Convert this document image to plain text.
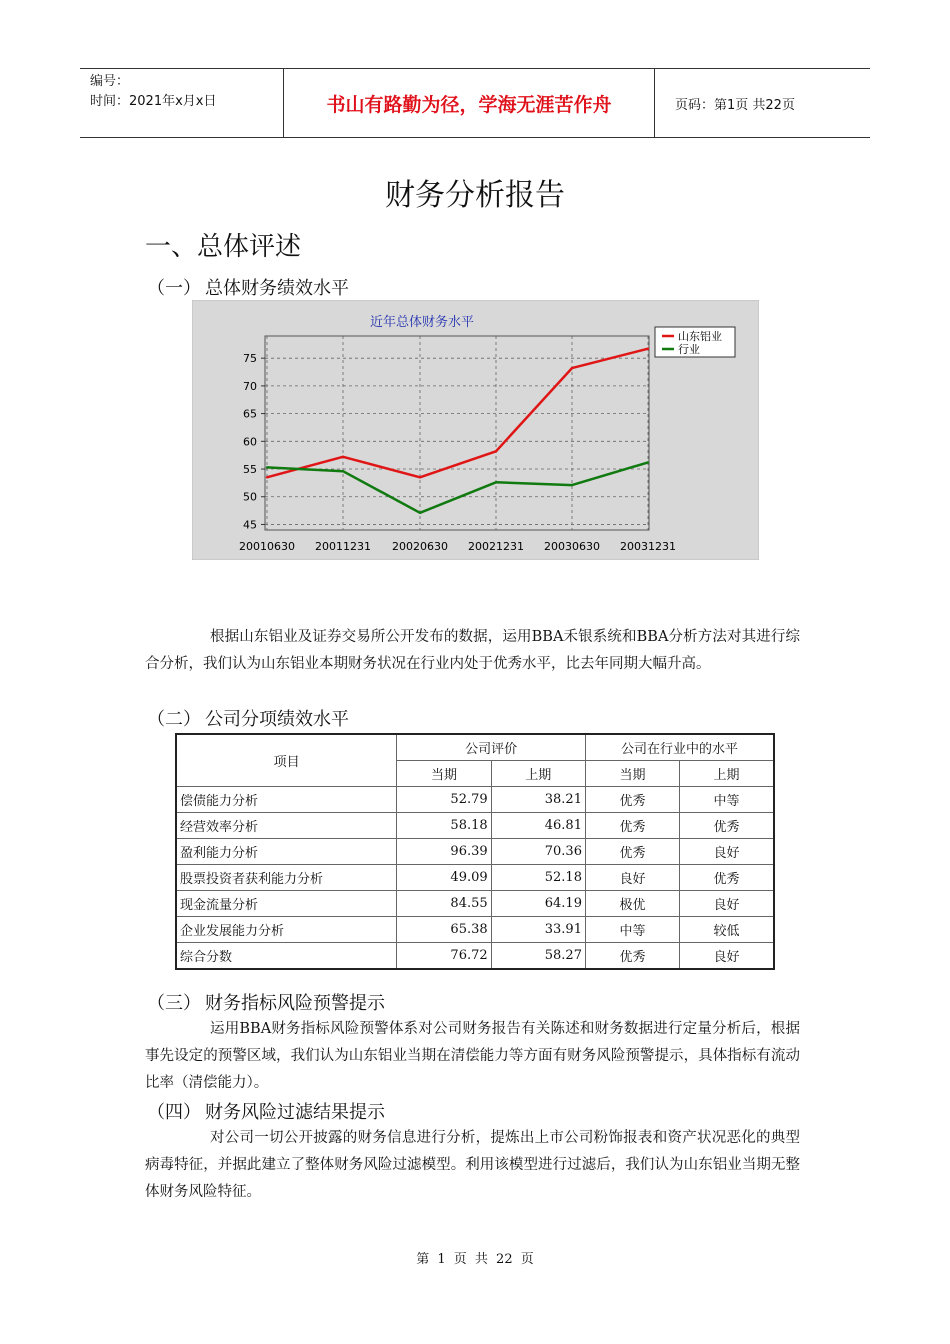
编号：
时间：2021年x月x日	书山有路勤为径，学海无涯苦作舟	页码：第1页 共22页
财务分析报告
一、总体评述
（一） 总体财务绩效水平
近年总体财务水平
45
50
55
60
65
70
75
20010630 20011231 20020630 20021231 20030630 20031231
山东铝业
行业
根据山东铝业及证券交易所公开发布的数据，运用BBA禾银系统和BBA分析方法对其进行综合分析，我们认为山东铝业本期财务状况在行业内处于优秀水平，比去年同期大幅升高。
（二） 公司分项绩效水平
项目	公司评价		公司在行业中的水平	
	当期	上期	当期	上期
偿债能力分析	52.79	38.21	优秀	中等
经营效率分析	58.18	46.81	优秀	优秀
盈利能力分析	96.39	70.36	优秀	良好
股票投资者获利能力分析	49.09	52.18	良好	优秀
现金流量分析	84.55	64.19	极优	良好
企业发展能力分析	65.38	33.91	中等	较低
综合分数	76.72	58.27	优秀	良好
（三） 财务指标风险预警提示
运用BBA财务指标风险预警体系对公司财务报告有关陈述和财务数据进行定量分析后，根据事先设定的预警区域，我们认为山东铝业当期在清偿能力等方面有财务风险预警提示，具体指标有流动比率（清偿能力）。
（四） 财务风险过滤结果提示
对公司一切公开披露的财务信息进行分析，提炼出上市公司粉饰报表和资产状况恶化的典型病毒特征，并据此建立了整体财务风险过滤模型。利用该模型进行过滤后，我们认为山东铝业当期无整体财务风险特征。
第 1 页 共 22 页
